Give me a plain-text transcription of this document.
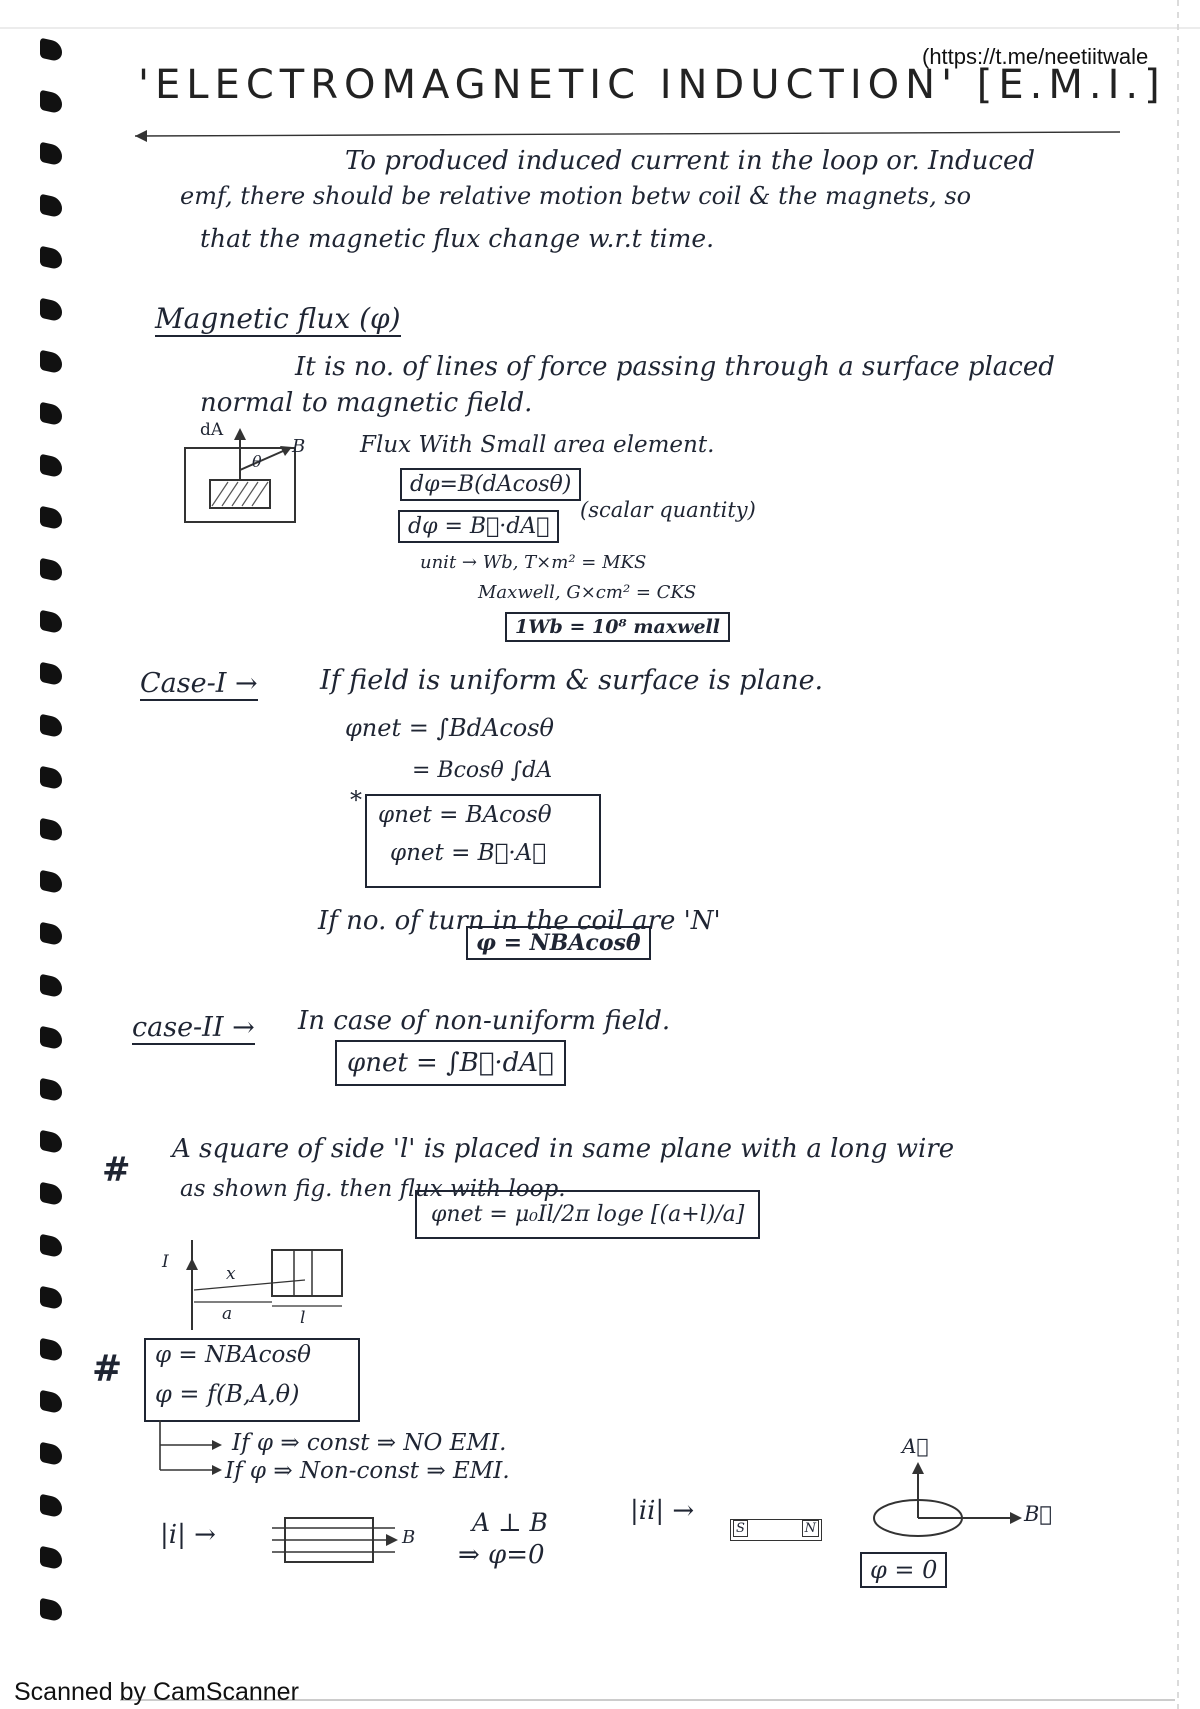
(https://t.me/neetiitwale
'ELECTROMAGNETIC INDUCTION' [E.M.I.]
To produced induced current in the loop or. Induced
emf, there should be relative motion betw coil & the magnets, so
that the magnetic flux change w.r.t time.
Magnetic flux (φ)
It is no. of lines of force passing through a surface placed
normal to magnetic field.
dA
θ
B Flux With Small area element.
dφ=B(dAcosθ)
dφ = B⃗·dA⃗
(scalar quantity)
unit → Wb, T×m² = MKS
Maxwell, G×cm² = CKS
1Wb = 10⁸ maxwell
Case-I → If field is uniform & surface is plane.
φnet = ∫BdAcosθ
= Bcosθ ∫dA
*
φnet = BAcosθ
φnet = B⃗·A⃗
If no. of turn in the coil are 'N'
φ = NBAcosθ
case-II → In case of non-uniform field.
φnet = ∫B⃗·dA⃗
#
A square of side 'l' is placed in same plane with a long wire
as shown fig. then flux with loop.
φnet = μ₀Il/2π loge [(a+l)/a]
I
x
a	l
# φ = NBAcosθ
φ = f(B,A,θ)
If φ ⇒ const ⇒ NO EMI.
If φ ⇒ Non-const ⇒ EMI.
|i| →	B
A ⊥ B
⇒ φ=0
|ii| →
S	N
A⃗
B⃗
φ = 0
Scanned by CamScanner
